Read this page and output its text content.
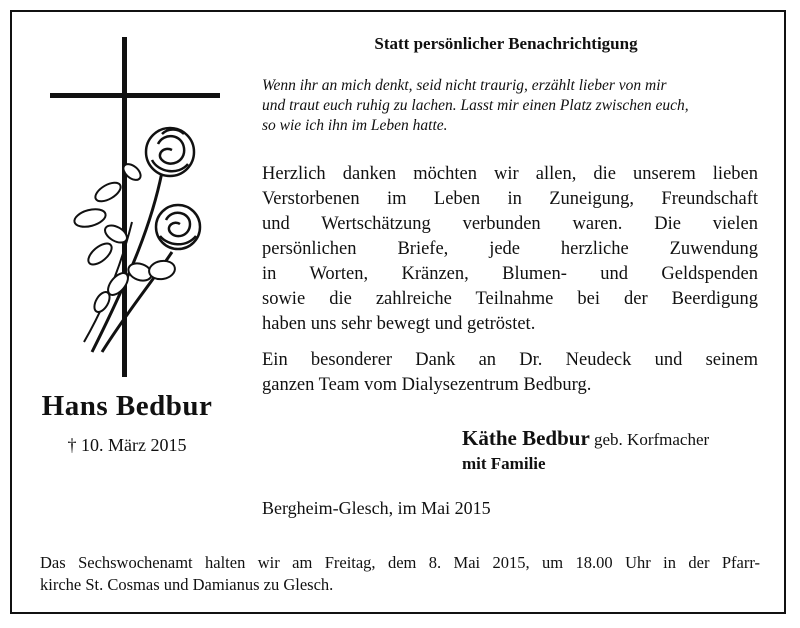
Hans Bedbur
† 10. März 2015
Statt persönlicher Benachrichtigung
Wenn ihr an mich denkt, seid nicht traurig, erzählt lieber von mir
und traut euch ruhig zu lachen. Lasst mir einen Platz zwischen euch,
so wie ich ihn im Leben hatte.
Herzlich danken möchten wir allen, die unserem lieben
Verstorbenen im Leben in Zuneigung, Freundschaft
und Wertschätzung verbunden waren. Die vielen
persönlichen Briefe, jede herzliche Zuwendung
in Worten, Kränzen, Blumen- und Geldspenden
sowie die zahlreiche Teilnahme bei der Beerdigung
haben uns sehr bewegt und getröstet.
Ein besonderer Dank an Dr. Neudeck und seinem
ganzen Team vom Dialysezentrum Bedburg.
Käthe Bedbur geb. Korfmacher
mit Familie
Bergheim-Glesch, im Mai 2015
Das Sechswochenamt halten wir am Freitag, dem 8. Mai 2015, um 18.00 Uhr in der Pfarr-
kirche St. Cosmas und Damianus zu Glesch.
